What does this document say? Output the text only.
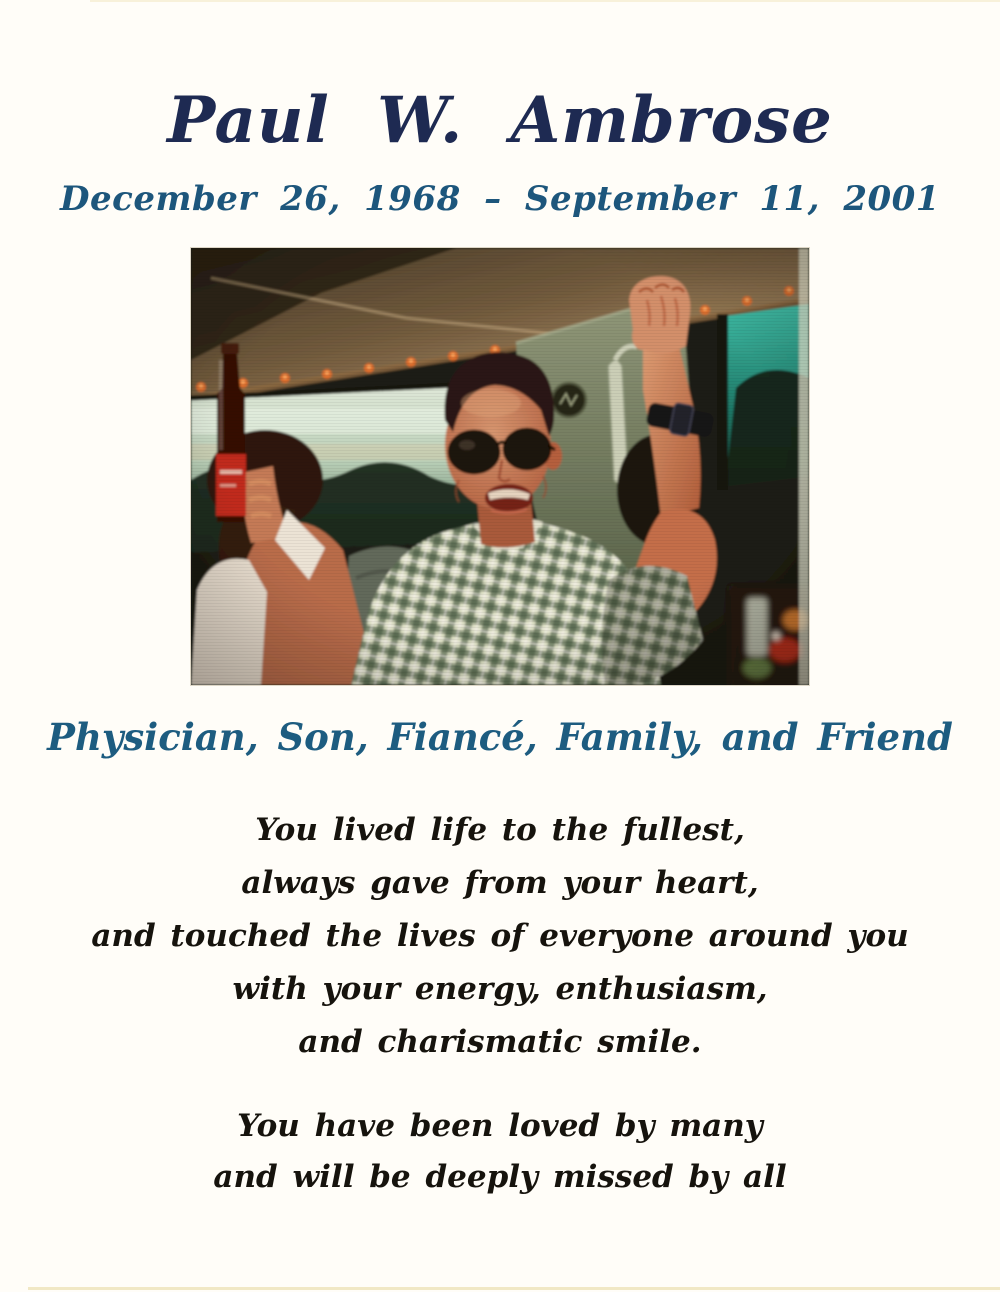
Paul W. Ambrose
December 26, 1968 – September 11, 2001
Physician, Son, Fiancé, Family, and Friend
You lived life to the fullest,
always gave from your heart,
and touched the lives of everyone around you
with your energy, enthusiasm,
and charismatic smile.
You have been loved by many
and will be deeply missed by all
